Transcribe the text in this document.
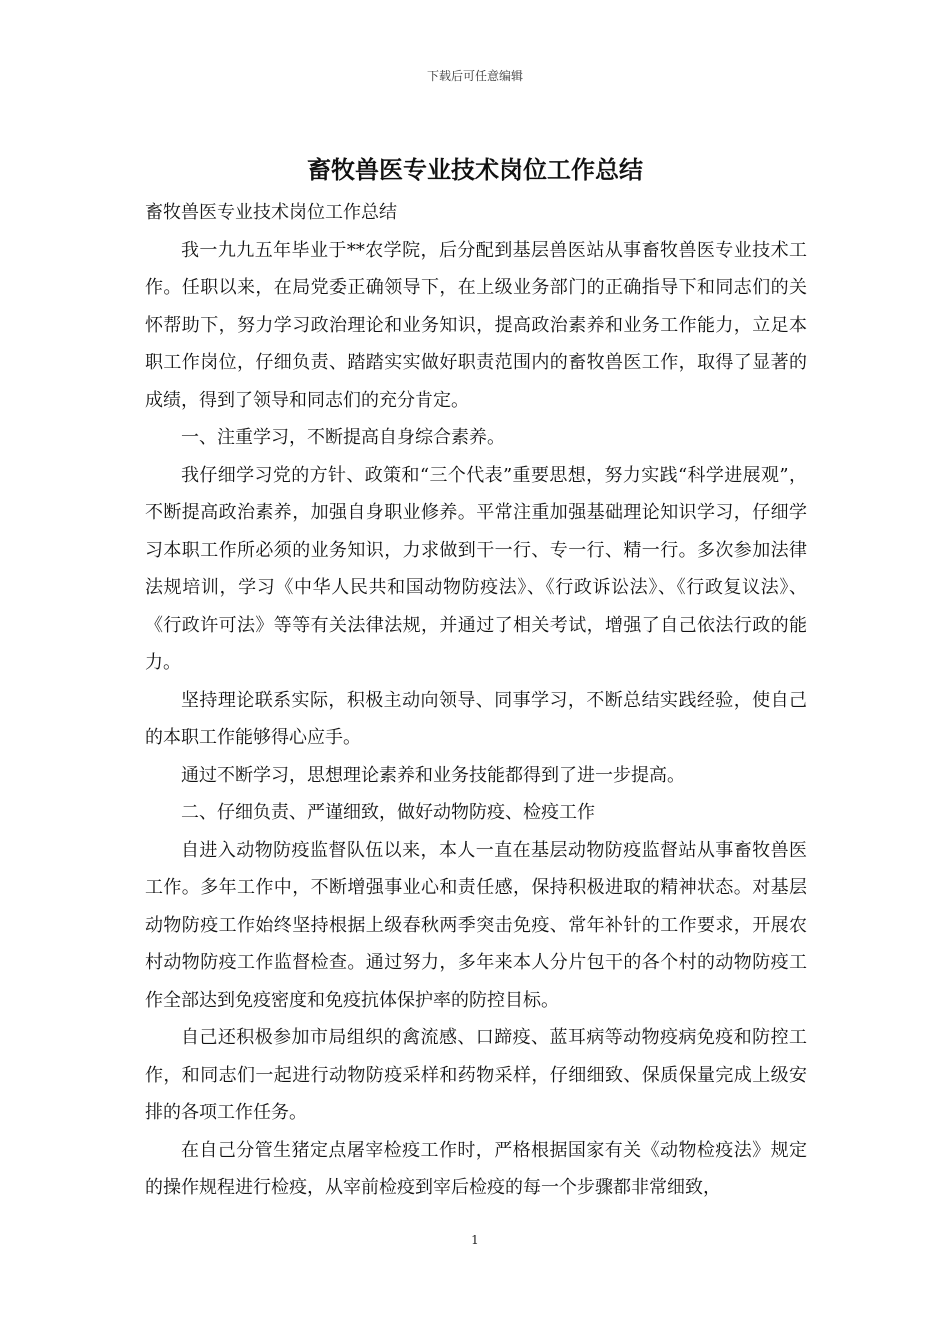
下载后可任意编辑
畜牧兽医专业技术岗位工作总结

畜牧兽医专业技术岗位工作总结

我一九九五年毕业于**农学院，后分配到基层兽医站从事畜牧兽医专业技术工作。任职以来，在局党委正确领导下，在上级业务部门的正确指导下和同志们的关怀帮助下，努力学习政治理论和业务知识，提高政治素养和业务工作能力，立足本职工作岗位，仔细负责、踏踏实实做好职责范围内的畜牧兽医工作，取得了显著的成绩，得到了领导和同志们的充分肯定。

一、注重学习，不断提高自身综合素养。

我仔细学习党的方针、政策和“三个代表”重要思想，努力实践“科学进展观”，不断提高政治素养，加强自身职业修养。平常注重加强基础理论知识学习，仔细学习本职工作所必须的业务知识，力求做到干一行、专一行、精一行。多次参加法律法规培训，学习《中华人民共和国动物防疫法》、《行政诉讼法》、《行政复议法》、《行政许可法》等等有关法律法规，并通过了相关考试，增强了自己依法行政的能力。

坚持理论联系实际，积极主动向领导、同事学习，不断总结实践经验，使自己的本职工作能够得心应手。

通过不断学习，思想理论素养和业务技能都得到了进一步提高。

二、仔细负责、严谨细致，做好动物防疫、检疫工作

自进入动物防疫监督队伍以来，本人一直在基层动物防疫监督站从事畜牧兽医工作。多年工作中，不断增强事业心和责任感，保持积极进取的精神状态。对基层动物防疫工作始终坚持根据上级春秋两季突击免疫、常年补针的工作要求，开展农村动物防疫工作监督检查。通过努力，多年来本人分片包干的各个村的动物防疫工作全部达到免疫密度和免疫抗体保护率的防控目标。

自己还积极参加市局组织的禽流感、口蹄疫、蓝耳病等动物疫病免疫和防控工作，和同志们一起进行动物防疫采样和药物采样，仔细细致、保质保量完成上级安排的各项工作任务。

在自己分管生猪定点屠宰检疫工作时，严格根据国家有关《动物检疫法》规定的操作规程进行检疫，从宰前检疫到宰后检疫的每一个步骤都非常细致，

1
